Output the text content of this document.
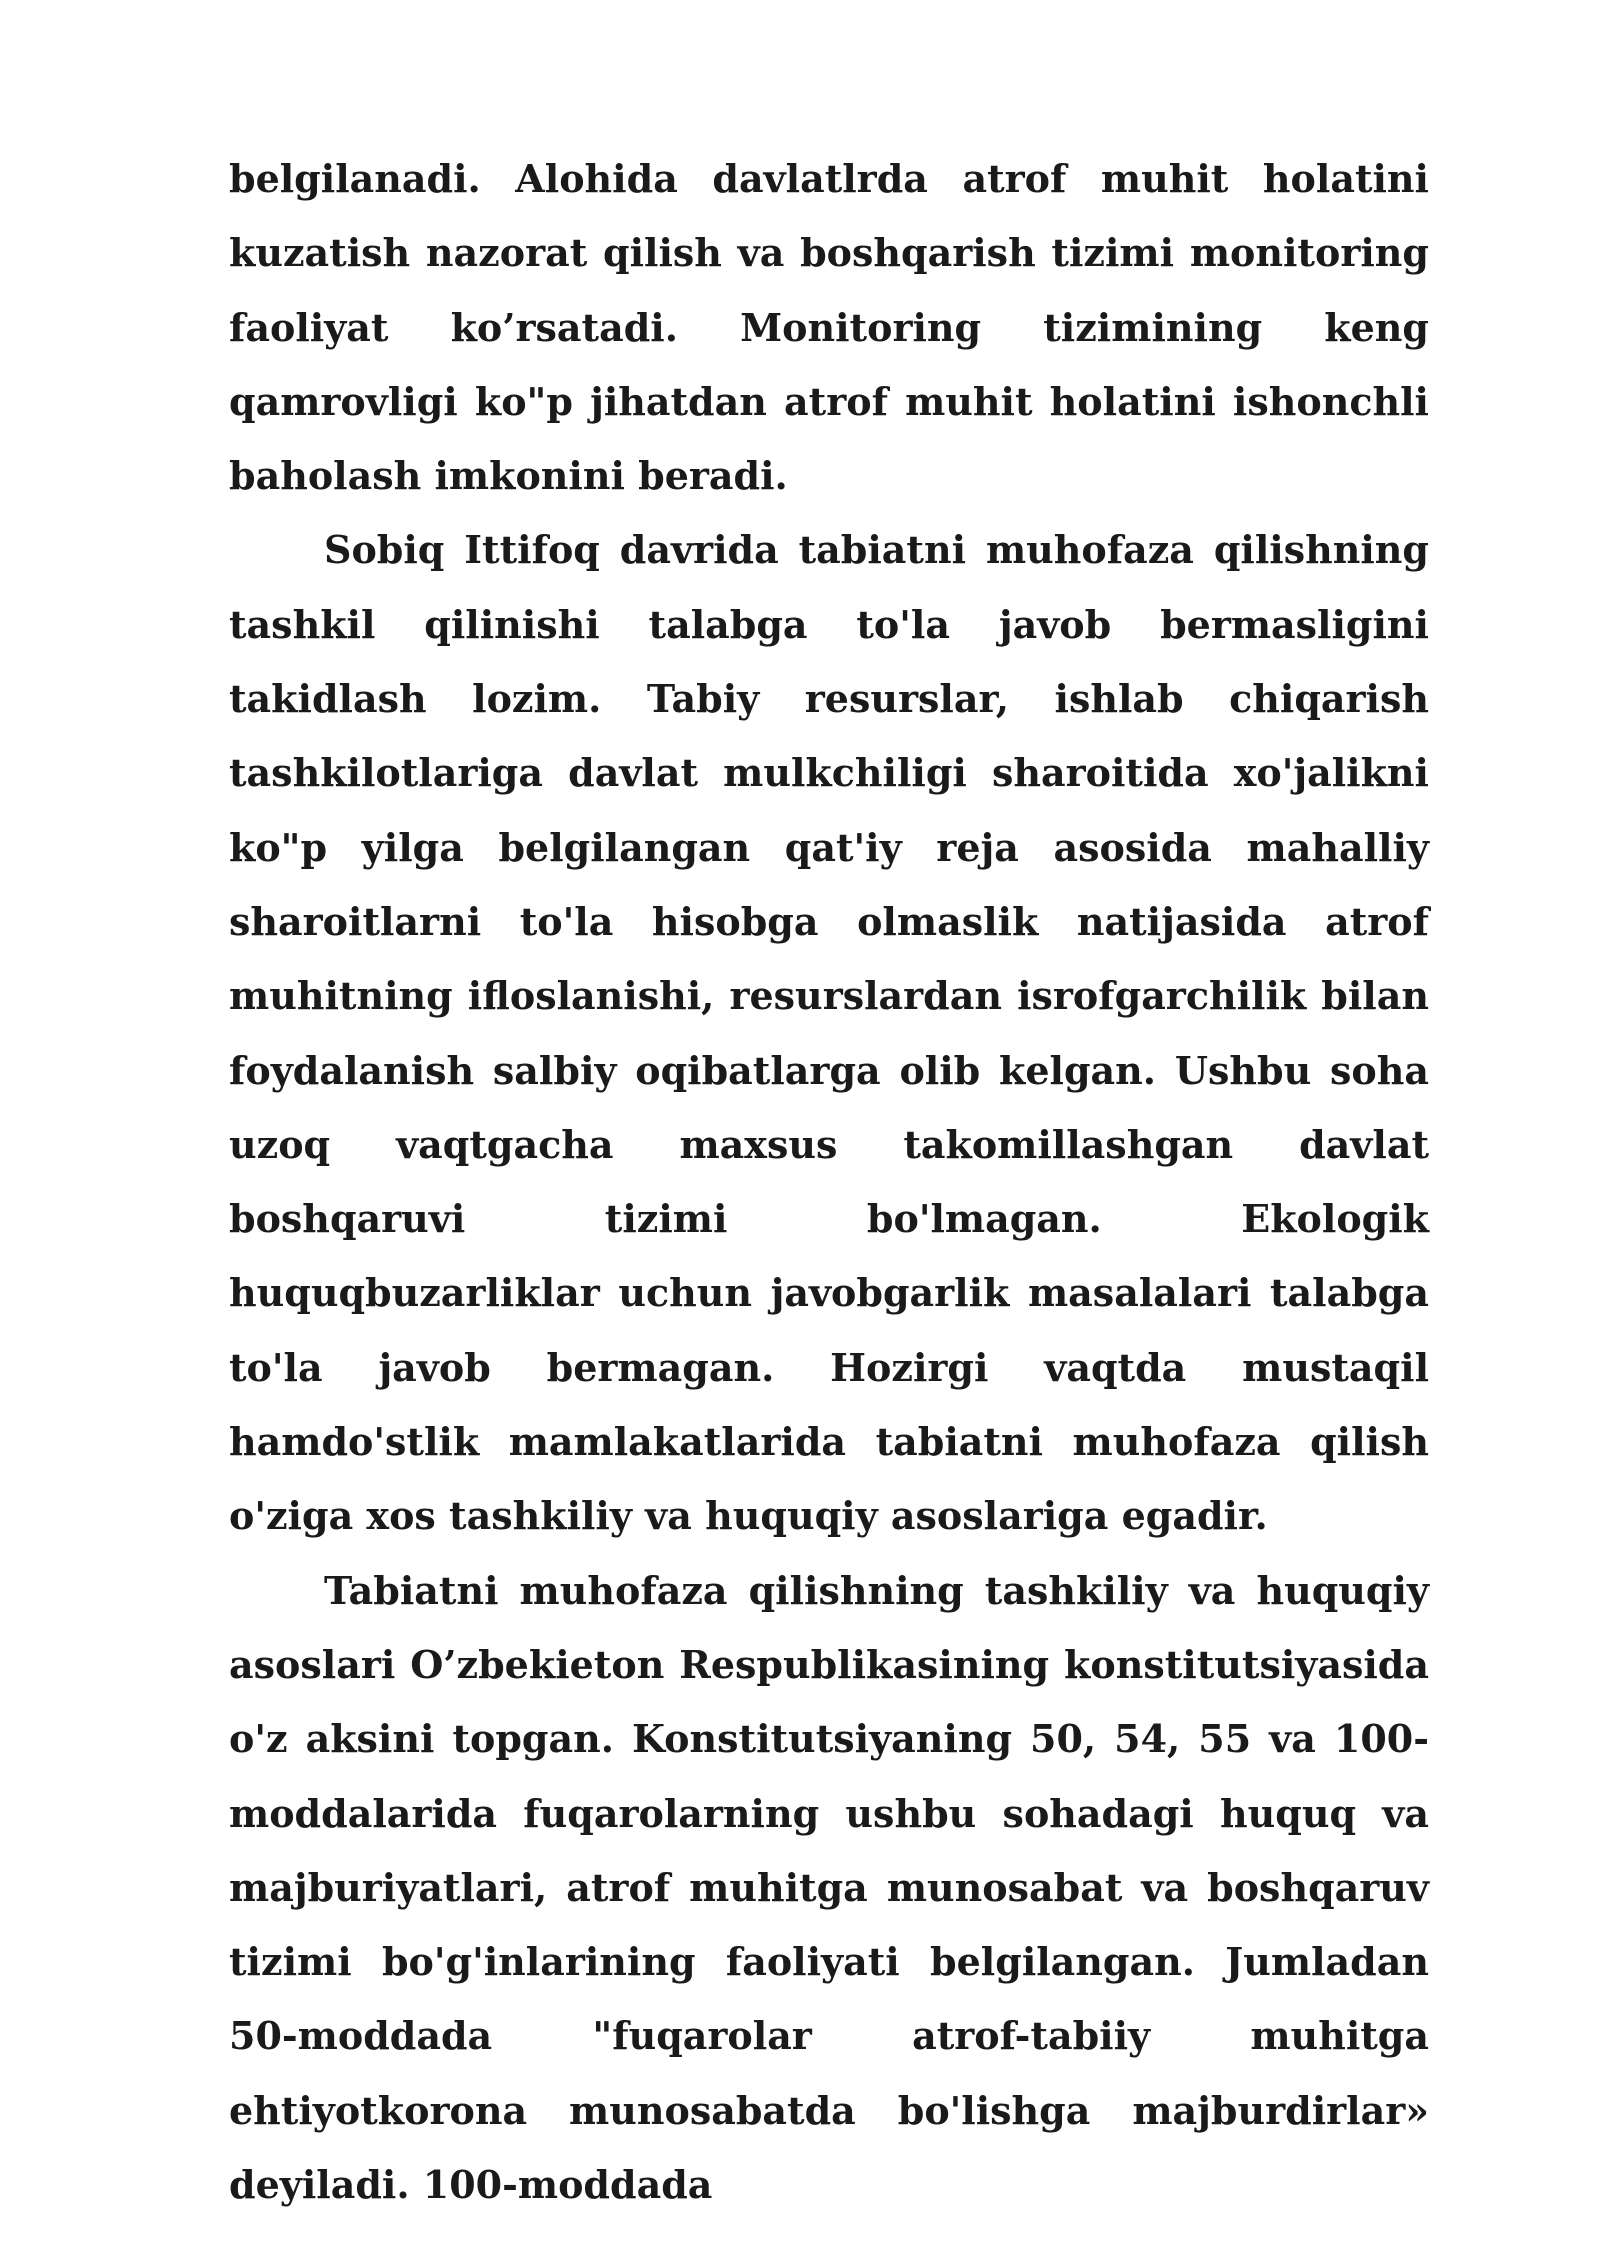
belgilanadi. Alohida davlatlrda atrof muhit holatini kuzatish nazorat qilish va boshqarish tizimi monitoring faoliyat ko’rsatadi. Monitoring tizimining keng qamrovligi ko"p jihatdan atrof muhit holatini ishonchli baholash imkonini beradi.

Sobiq Ittifoq davrida tabiatni muhofaza qilishning tashkil qilinishi talabga to'la javob bermasligini takidlash lozim. Tabiy resurslar, ishlab chiqarish tashkilotlariga davlat mulkchiligi sharoitida xo'jalikni ko"p yilga belgilangan qat'iy reja asosida mahalliy sharoitlarni to'la hisobga olmaslik natijasida atrof muhitning ifloslanishi, resurslardan isrofgarchilik bilan foydalanish salbiy oqibatlarga olib kelgan. Ushbu soha uzoq vaqtgacha maxsus takomillashgan davlat boshqaruvi tizimi bo'lmagan. Ekologik huquqbuzarliklar uchun javobgarlik masalalari talabga to'la javob bermagan. Hozirgi vaqtda mustaqil hamdo'stlik mamlakatlarida tabiatni muhofaza qilish o'ziga xos tashkiliy va huquqiy asoslariga egadir.

Tabiatni muhofaza qilishning tashkiliy va huquqiy asoslari O’zbekieton Respublikasining konstitutsiyasida o'z aksini topgan. Konstitutsiyaning 50, 54, 55 va 100-moddalarida fuqarolarning ushbu sohadagi huquq va majburiyatlari, atrof muhitga munosabat va boshqaruv tizimi bo'g'inlarining faoliyati belgilangan. Jumladan 50-moddada "fuqarolar atrof-tabiiy muhitga ehtiyotkorona munosabatda bo'lishga majburdirlar» deyiladi. 100-moddada
